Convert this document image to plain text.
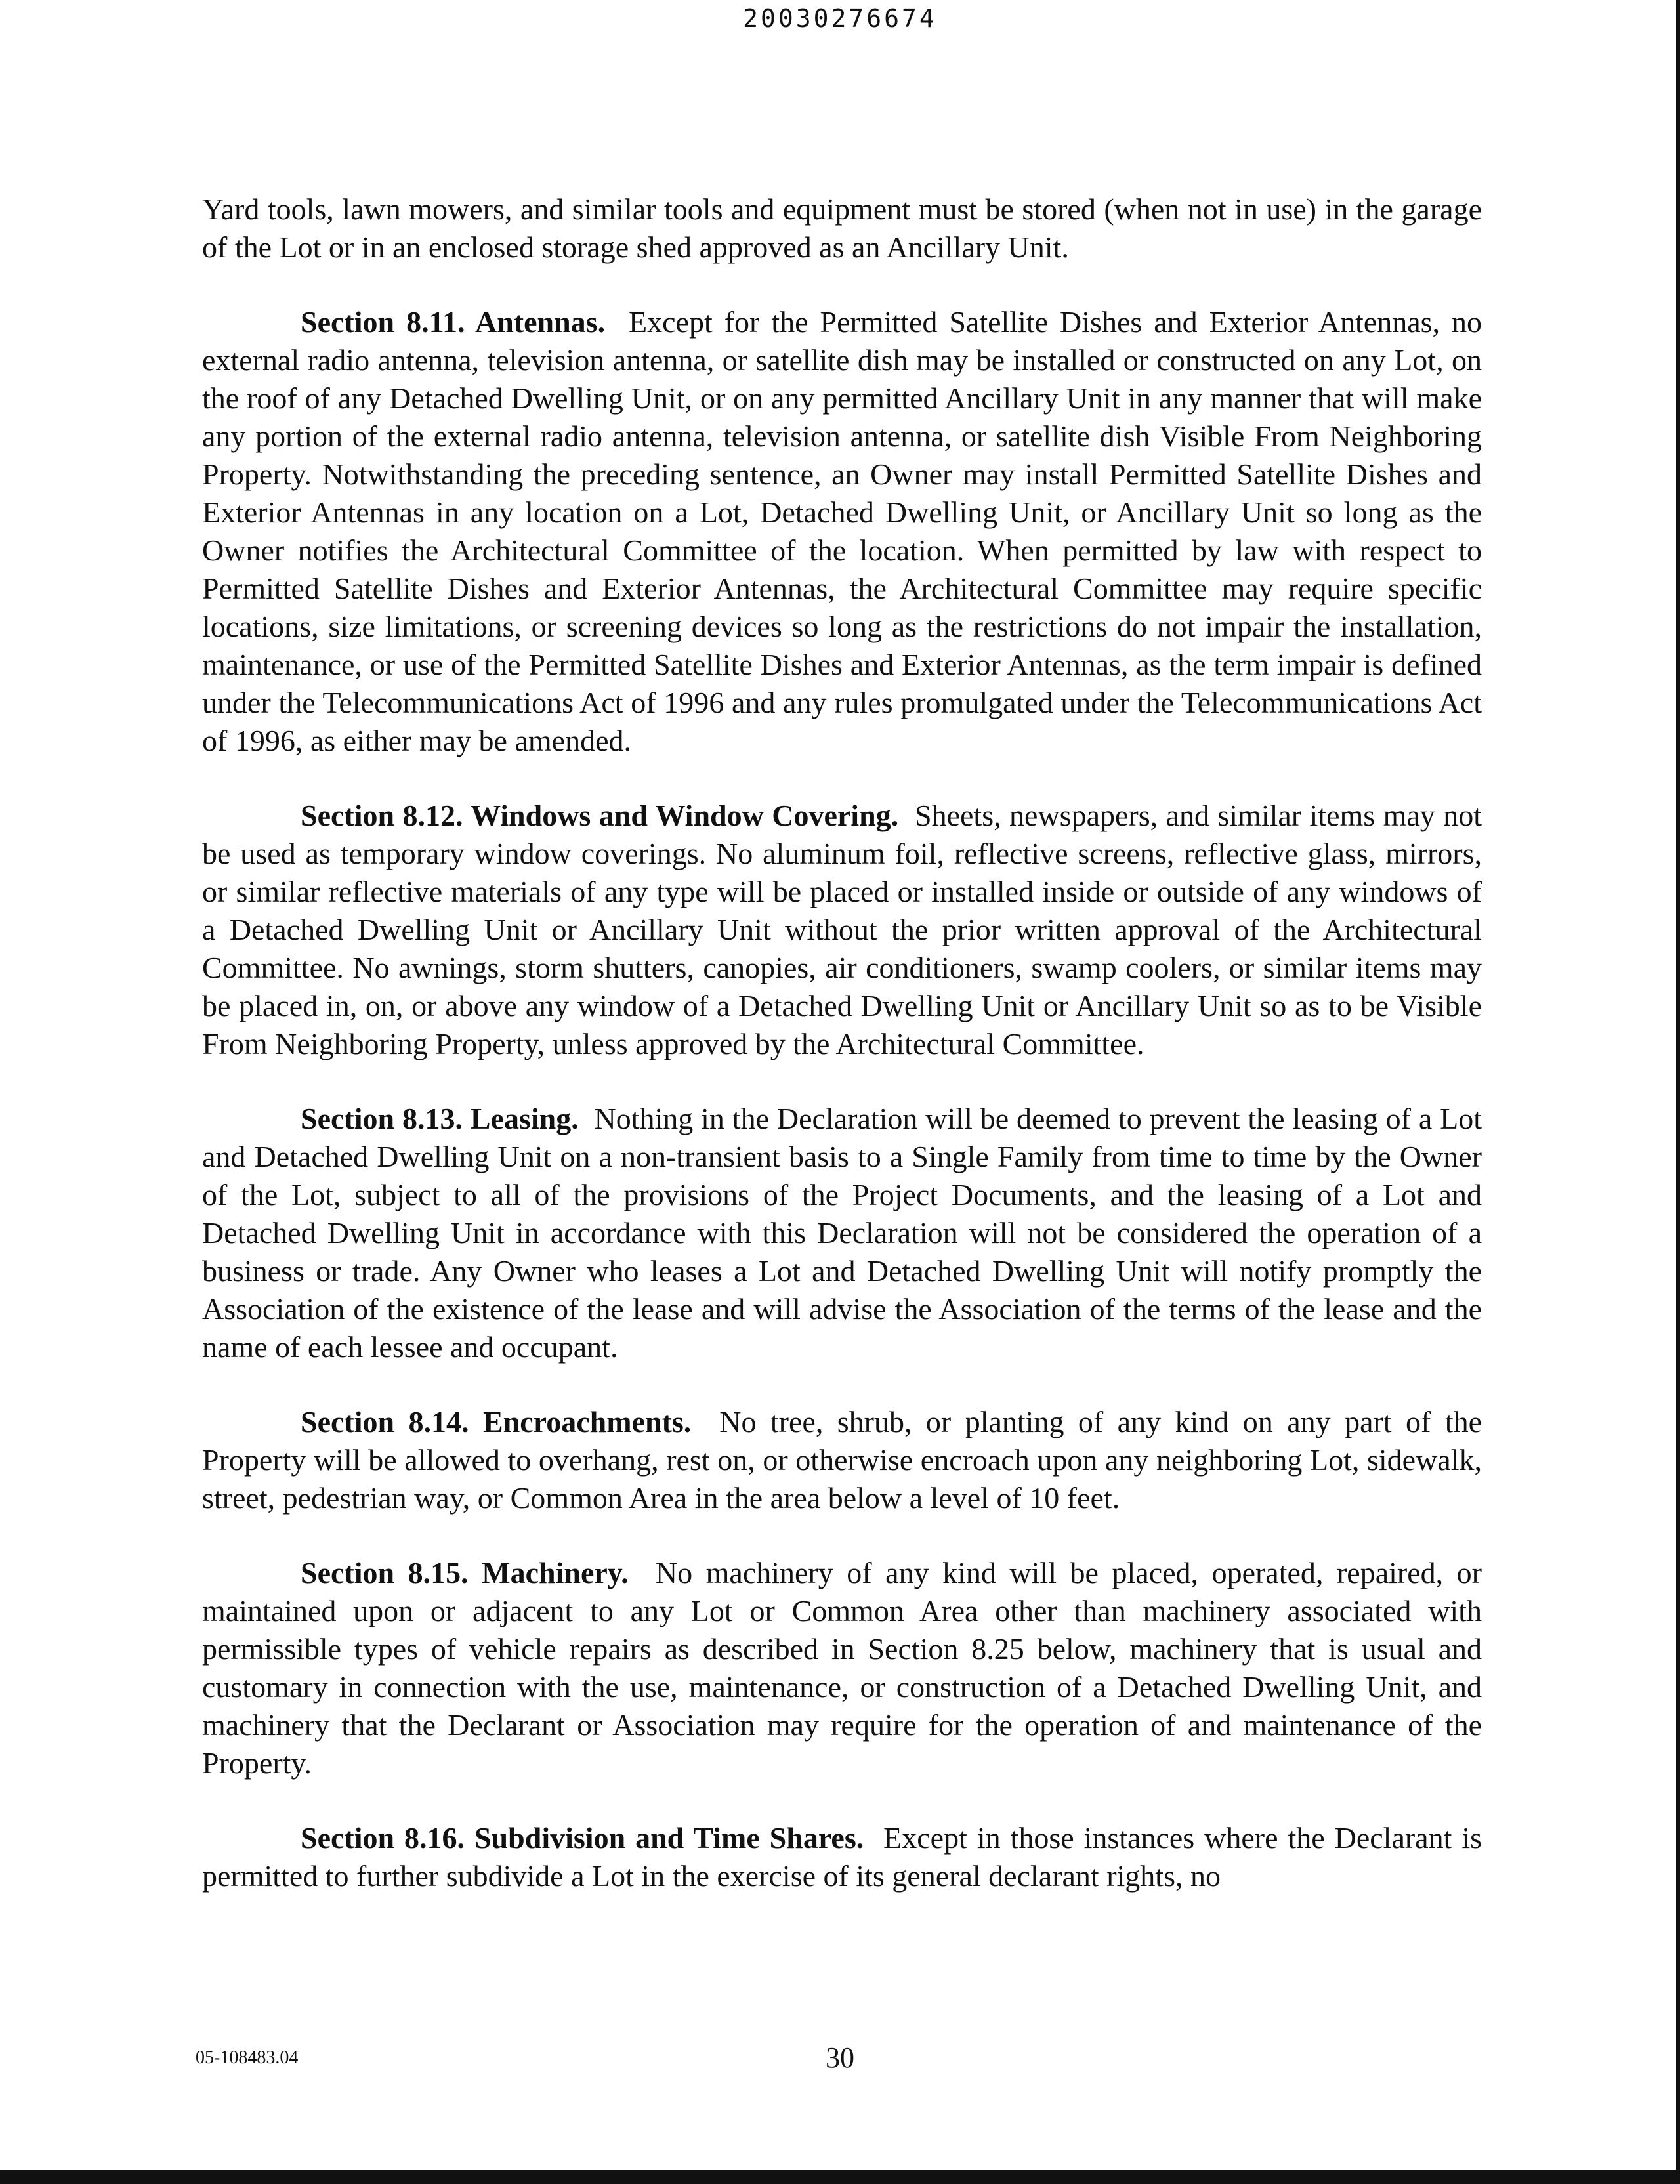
20030276674

Yard tools, lawn mowers, and similar tools and equipment must be stored (when not in use) in the garage of the Lot or in an enclosed storage shed approved as an Ancillary Unit.

Section 8.11. Antennas. Except for the Permitted Satellite Dishes and Exterior Antennas, no external radio antenna, television antenna, or satellite dish may be installed or constructed on any Lot, on the roof of any Detached Dwelling Unit, or on any permitted Ancillary Unit in any manner that will make any portion of the external radio antenna, television antenna, or satellite dish Visible From Neighboring Property. Notwithstanding the preceding sentence, an Owner may install Permitted Satellite Dishes and Exterior Antennas in any location on a Lot, Detached Dwelling Unit, or Ancillary Unit so long as the Owner notifies the Architectural Committee of the location. When permitted by law with respect to Permitted Satellite Dishes and Exterior Antennas, the Architectural Committee may require specific locations, size limitations, or screening devices so long as the restrictions do not impair the installation, maintenance, or use of the Permitted Satellite Dishes and Exterior Antennas, as the term impair is defined under the Telecommunications Act of 1996 and any rules promulgated under the Telecommunications Act of 1996, as either may be amended.

Section 8.12. Windows and Window Covering. Sheets, newspapers, and similar items may not be used as temporary window coverings. No aluminum foil, reflective screens, reflective glass, mirrors, or similar reflective materials of any type will be placed or installed inside or outside of any windows of a Detached Dwelling Unit or Ancillary Unit without the prior written approval of the Architectural Committee. No awnings, storm shutters, canopies, air conditioners, swamp coolers, or similar items may be placed in, on, or above any window of a Detached Dwelling Unit or Ancillary Unit so as to be Visible From Neighboring Property, unless approved by the Architectural Committee.

Section 8.13. Leasing. Nothing in the Declaration will be deemed to prevent the leasing of a Lot and Detached Dwelling Unit on a non-transient basis to a Single Family from time to time by the Owner of the Lot, subject to all of the provisions of the Project Documents, and the leasing of a Lot and Detached Dwelling Unit in accordance with this Declaration will not be considered the operation of a business or trade. Any Owner who leases a Lot and Detached Dwelling Unit will notify promptly the Association of the existence of the lease and will advise the Association of the terms of the lease and the name of each lessee and occupant.

Section 8.14. Encroachments. No tree, shrub, or planting of any kind on any part of the Property will be allowed to overhang, rest on, or otherwise encroach upon any neighboring Lot, sidewalk, street, pedestrian way, or Common Area in the area below a level of 10 feet.

Section 8.15. Machinery. No machinery of any kind will be placed, operated, repaired, or maintained upon or adjacent to any Lot or Common Area other than machinery associated with permissible types of vehicle repairs as described in Section 8.25 below, machinery that is usual and customary in connection with the use, maintenance, or construction of a Detached Dwelling Unit, and machinery that the Declarant or Association may require for the operation of and maintenance of the Property.

Section 8.16. Subdivision and Time Shares. Except in those instances where the Declarant is permitted to further subdivide a Lot in the exercise of its general declarant rights, no

05-108483.04	30
